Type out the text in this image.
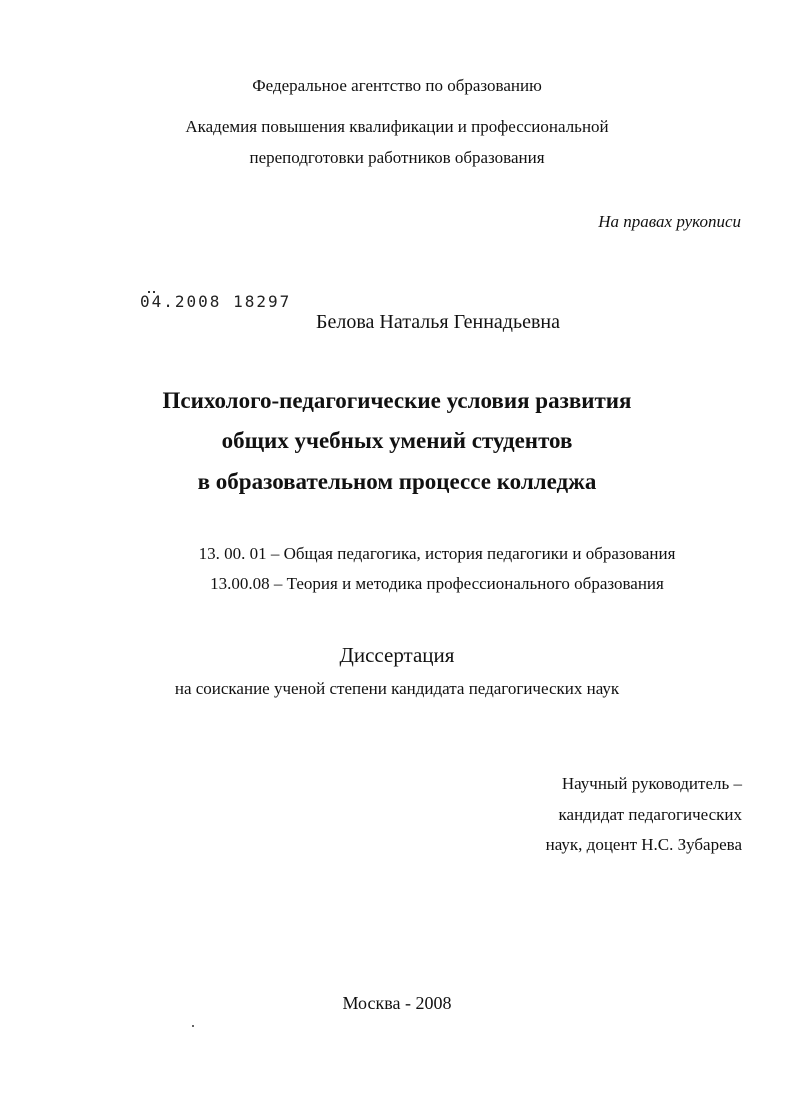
Федеральное агентство по образованию
Академия повышения квалификации и профессиональной
переподготовки работников образования
На правах рукописи
04.2008 18297
Белова Наталья Геннадьевна
Психолого-педагогические условия развития
общих учебных умений студентов
в образовательном процессе колледжа
13. 00. 01 – Общая педагогика, история педагогики и образования
13.00.08 – Теория и методика профессионального образования
Диссертация
на соискание ученой степени кандидата педагогических наук
Научный руководитель –
кандидат педагогических
наук, доцент Н.С. Зубарева
Москва - 2008
